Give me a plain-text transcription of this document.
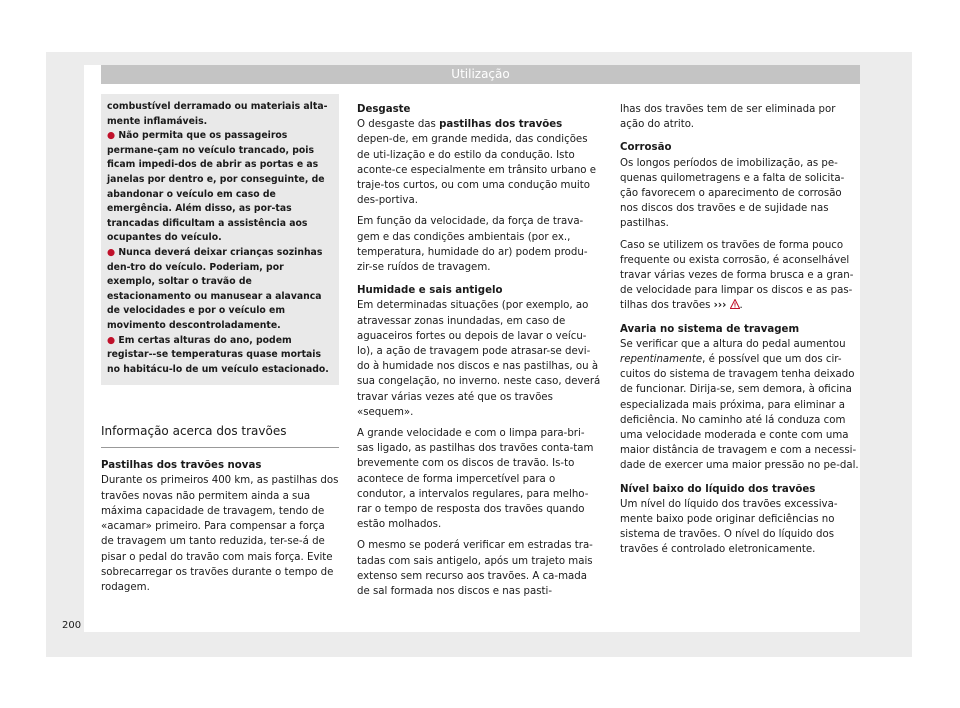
Utilização

combustível derramado ou materiais alta-mente inflamáveis.

● Não permita que os passageiros permane-çam no veículo trancado, pois ficam impedi-dos de abrir as portas e as janelas por dentro e, por conseguinte, de abandonar o veículo em caso de emergência. Além disso, as por-tas trancadas dificultam a assistência aos ocupantes do veículo.

● Nunca deverá deixar crianças sozinhas den-tro do veículo. Poderiam, por exemplo, soltar o travão de estacionamento ou manusear a alavanca de velocidades e por o veículo em movimento descontroladamente.

● Em certas alturas do ano, podem registar--se temperaturas quase mortais no habitácu-lo de um veículo estacionado.

Informação acerca dos travões

Pastilhas dos travões novas

Durante os primeiros 400 km, as pastilhas dos travões novas não permitem ainda a sua máxima capacidade de travagem, tendo de «acamar» primeiro. Para compensar a força de travagem um tanto reduzida, ter-se-á de pisar o pedal do travão com mais força. Evite sobrecarregar os travões durante o tempo de rodagem.

Desgaste

O desgaste das pastilhas dos travões depen-de, em grande medida, das condições de uti-lização e do estilo da condução. Isto aconte-ce especialmente em trânsito urbano e traje-tos curtos, ou com uma condução muito des-portiva.

Em função da velocidade, da força de trava-gem e das condições ambientais (por ex., temperatura, humidade do ar) podem produ-zir-se ruídos de travagem.

Humidade e sais antigelo

Em determinadas situações (por exemplo, ao atravessar zonas inundadas, em caso de aguaceiros fortes ou depois de lavar o veícu-lo), a ação de travagem pode atrasar-se devi-do à humidade nos discos e nas pastilhas, ou à sua congelação, no inverno. neste caso, deverá travar várias vezes até que os travões «sequem».

A grande velocidade e com o limpa para-bri-sas ligado, as pastilhas dos travões conta-tam brevemente com os discos de travão. Is-to acontece de forma impercetível para o condutor, a intervalos regulares, para melho-rar o tempo de resposta dos travões quando estão molhados.

O mesmo se poderá verificar em estradas tra-tadas com sais antigelo, após um trajeto mais extenso sem recurso aos travões. A ca-mada de sal formada nos discos e nas pasti-

lhas dos travões tem de ser eliminada por ação do atrito.

Corrosão

Os longos períodos de imobilização, as pe-quenas quilometragens e a falta de solicita-ção favorecem o aparecimento de corrosão nos discos dos travões e de sujidade nas pastilhas.

Caso se utilizem os travões de forma pouco frequente ou exista corrosão, é aconselhável travar várias vezes de forma brusca e a gran-de velocidade para limpar os discos e as pas-tilhas dos travões ››› .

Avaria no sistema de travagem

Se verificar que a altura do pedal aumentou repentinamente, é possível que um dos cir-cuitos do sistema de travagem tenha deixado de funcionar. Dirija-se, sem demora, à oficina especializada mais próxima, para eliminar a deficiência. No caminho até lá conduza com uma velocidade moderada e conte com uma maior distância de travagem e com a necessi-dade de exercer uma maior pressão no pe-dal.

Nível baixo do líquido dos travões

Um nível do líquido dos travões excessiva-mente baixo pode originar deficiências no sistema de travões. O nível do líquido dos travões é controlado eletronicamente.

200
